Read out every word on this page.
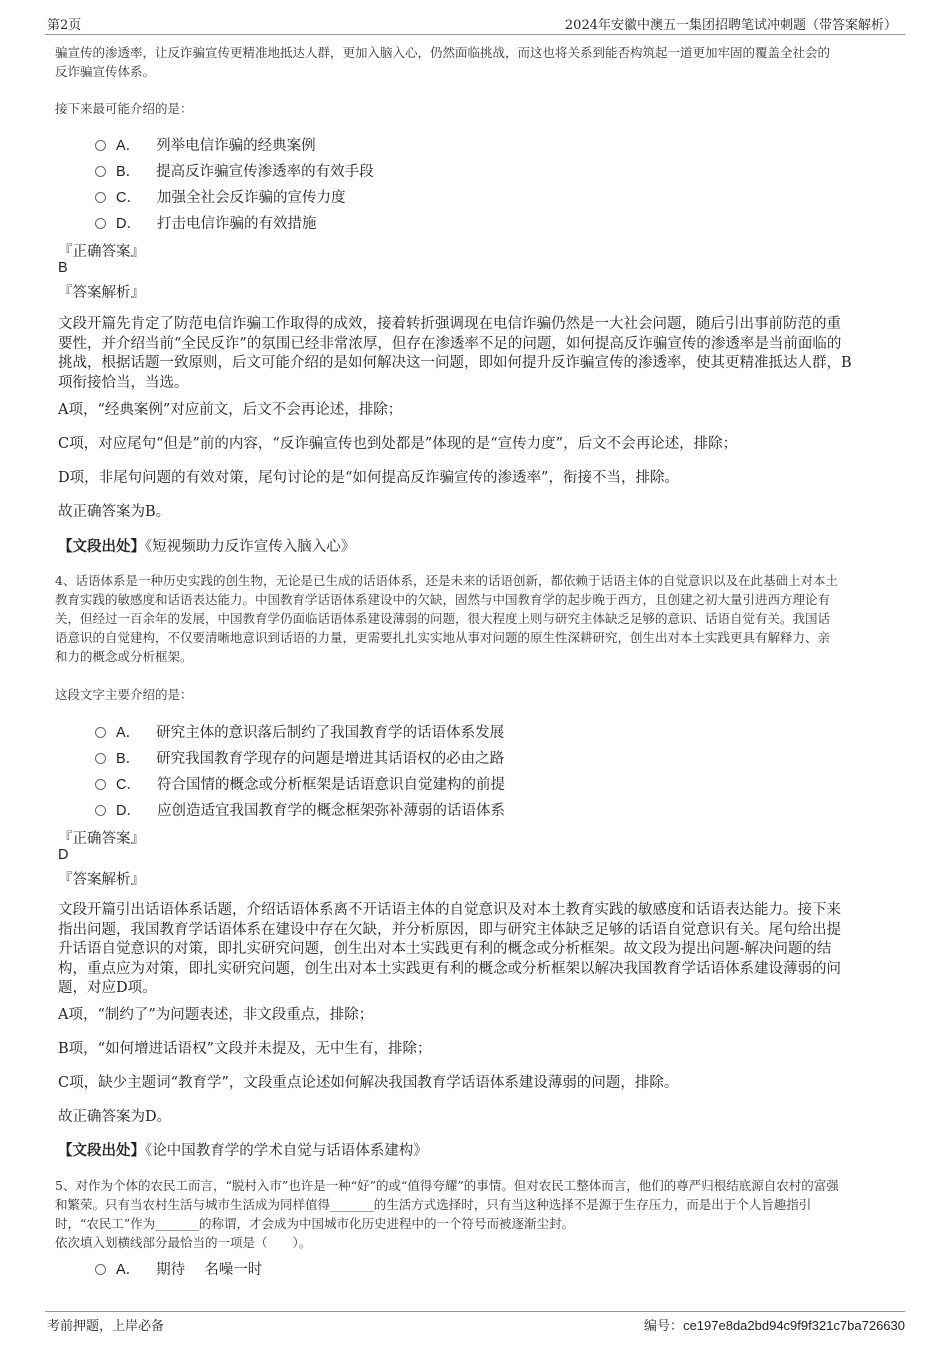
第2页	2024年安徽中澳五一集团招聘笔试冲刺题（带答案解析）

骗宣传的渗透率，让反诈骗宣传更精准地抵达人群，更加入脑入心，仍然面临挑战，而这也将关系到能否构筑起一道更加牢固的覆盖全社会的

反诈骗宣传体系。

接下来最可能介绍的是：
A． 列举电信诈骗的经典案例
B． 提高反诈骗宣传渗透率的有效手段
C． 加强全社会反诈骗的宣传力度
D． 打击电信诈骗的有效措施
『正确答案』
B
『答案解析』

文段开篇先肯定了防范电信诈骗工作取得的成效，接着转折强调现在电信诈骗仍然是一大社会问题，随后引出事前防范的重

要性，并介绍当前“全民反诈”的氛围已经非常浓厚，但存在渗透率不足的问题，如何提高反诈骗宣传的渗透率是当前面临的

挑战，根据话题一致原则，后文可能介绍的是如何解决这一问题，即如何提升反诈骗宣传的渗透率，使其更精准抵达人群，B

项衔接恰当，当选。

A项，“经典案例”对应前文，后文不会再论述，排除；
C项，对应尾句“但是”前的内容，“反诈骗宣传也到处都是”体现的是“宣传力度”，后文不会再论述，排除；
D项，非尾句问题的有效对策，尾句讨论的是“如何提高反诈骗宣传的渗透率”，衔接不当，排除。
故正确答案为B。
【文段出处】《短视频助力反诈宣传入脑入心》

4、话语体系是一种历史实践的创生物，无论是已生成的话语体系，还是未来的话语创新，都依赖于话语主体的自觉意识以及在此基础上对本土

教育实践的敏感度和话语表达能力。中国教育学话语体系建设中的欠缺，固然与中国教育学的起步晚于西方，且创建之初大量引进西方理论有

关，但经过一百余年的发展，中国教育学仍面临话语体系建设薄弱的问题，很大程度上则与研究主体缺乏足够的意识、话语自觉有关。我国话

语意识的自觉建构，不仅要清晰地意识到话语的力量，更需要扎扎实实地从事对问题的原生性深耕研究，创生出对本土实践更具有解释力、亲

和力的概念或分析框架。

这段文字主要介绍的是：
A． 研究主体的意识落后制约了我国教育学的话语体系发展
B． 研究我国教育学现存的问题是增进其话语权的必由之路
C． 符合国情的概念或分析框架是话语意识自觉建构的前提
D． 应创造适宜我国教育学的概念框架弥补薄弱的话语体系
『正确答案』
D
『答案解析』

文段开篇引出话语体系话题，介绍话语体系离不开话语主体的自觉意识及对本土教育实践的敏感度和话语表达能力。接下来

指出问题，我国教育学话语体系在建设中存在欠缺，并分析原因，即与研究主体缺乏足够的话语自觉意识有关。尾句给出提

升话语自觉意识的对策，即扎实研究问题，创生出对本土实践更有利的概念或分析框架。故文段为提出问题-解决问题的结

构，重点应为对策，即扎实研究问题，创生出对本土实践更有利的概念或分析框架以解决我国教育学话语体系建设薄弱的问

题，对应D项。

A项，“制约了”为问题表述，非文段重点，排除；
B项，“如何增进话语权”文段并未提及，无中生有，排除；
C项，缺少主题词“教育学”，文段重点论述如何解决我国教育学话语体系建设薄弱的问题，排除。
故正确答案为D。
【文段出处】《论中国教育学的学术自觉与话语体系建构》

5、对作为个体的农民工而言，“脱村入市”也许是一种“好”的或“值得夸耀”的事情。但对农民工整体而言，他们的尊严归根结底源自农村的富强

和繁荣。只有当农村生活与城市生活成为同样值得_______的生活方式选择时，只有当这种选择不是源于生存压力，而是出于个人旨趣指引

时，“农民工”作为_______的称谓，才会成为中国城市化历史进程中的一个符号而被逐渐尘封。

依次填入划横线部分最恰当的一项是（　　）。

A． 期待　 名噪一时
考前押题，上岸必备	编号：ce197e8da2bd94c9f9f321c7ba726630
